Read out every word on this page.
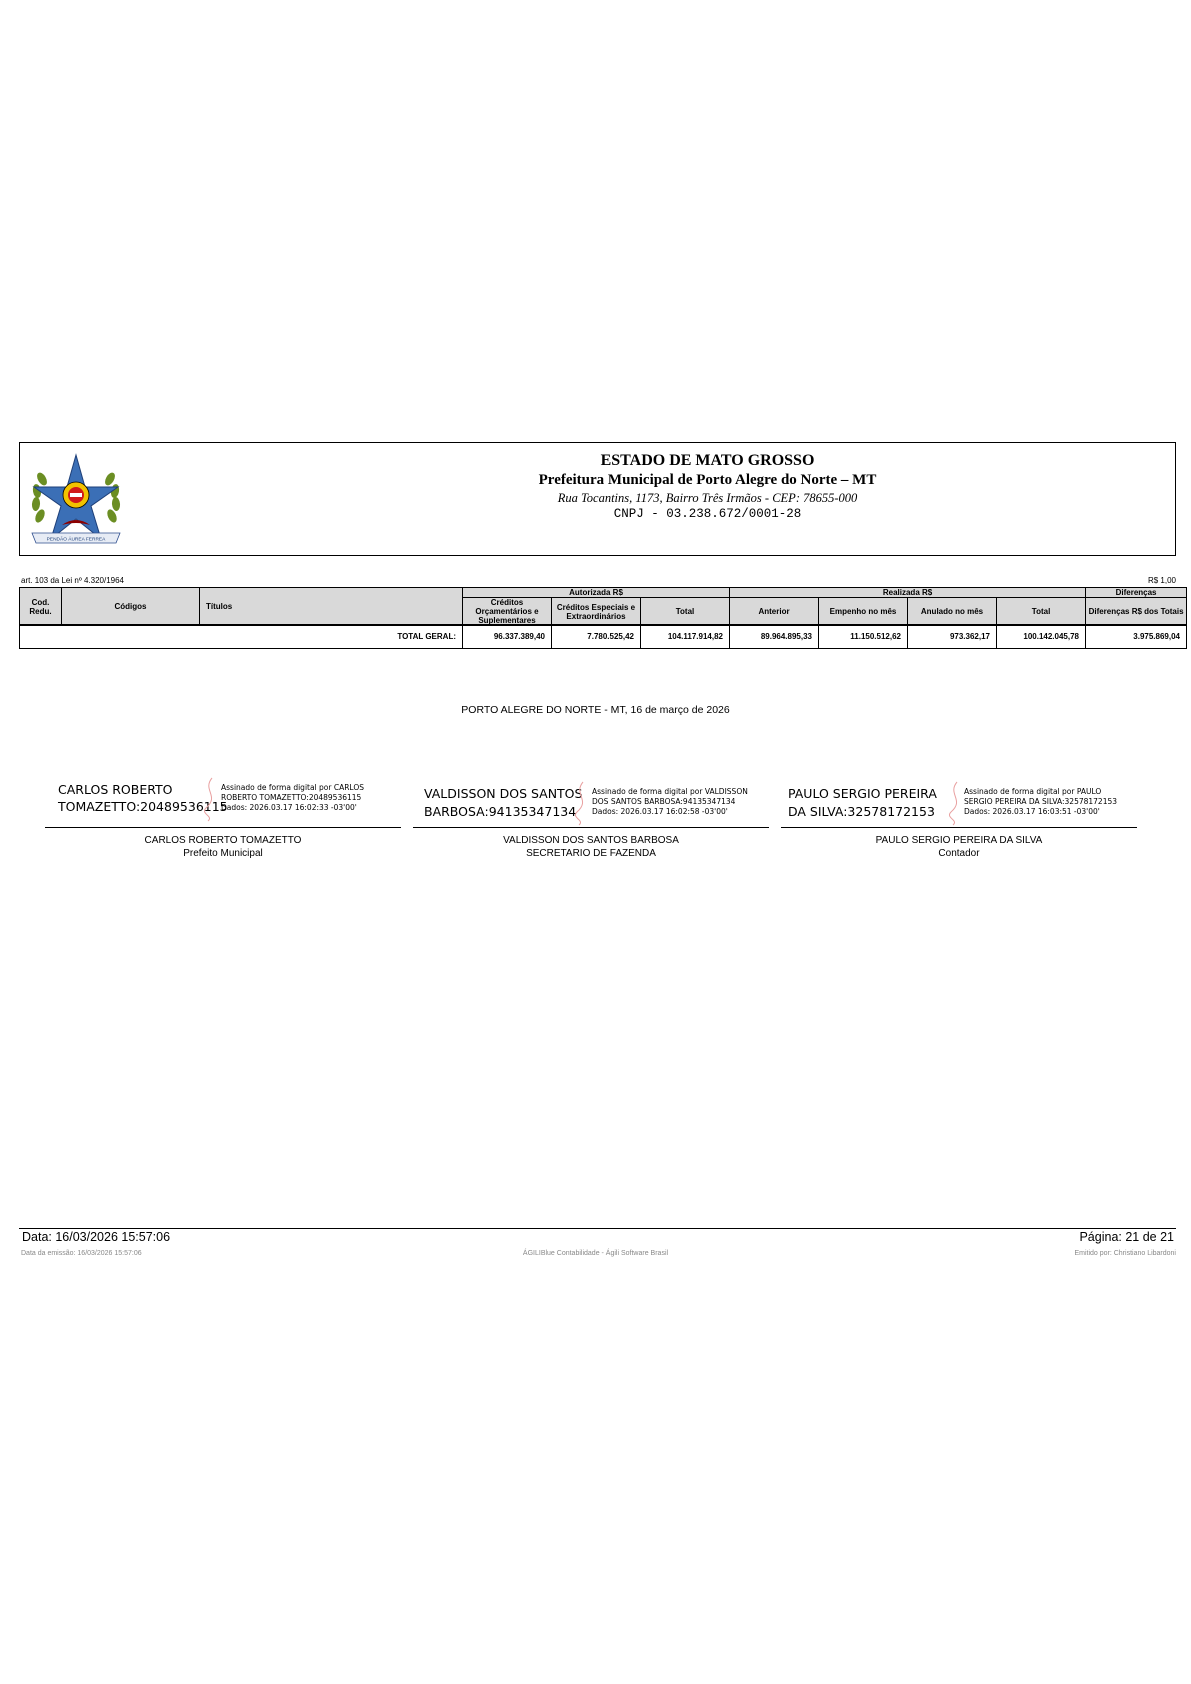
PENDÃO ÁUREA FERREA
ESTADO DE MATO GROSSO
Prefeitura Municipal de Porto Alegre do Norte – MT
Rua Tocantins, 1173, Bairro Três Irmãos - CEP: 78655-000
CNPJ - 03.238.672/0001-28
art. 103 da Lei nº 4.320/1964	R$ 1,00
Cod. Redu.	Códigos	Títulos	Autorizada R$			Realizada R$				Diferenças
			Créditos Orçamentários e Suplementares	Créditos Especiais e Extraordinários	Total	Anterior	Empenho no mês	Anulado no mês	Total	Diferenças R$ dos Totais
TOTAL GERAL:	96.337.389,40	7.780.525,42	104.117.914,82	89.964.895,33	11.150.512,62	973.362,17	100.142.045,78	3.975.869,04
PORTO ALEGRE DO NORTE - MT, 16 de março de 2026
CARLOS ROBERTO
TOMAZETTO:20489536115
Assinado de forma digital por CARLOS
ROBERTO TOMAZETTO:20489536115
Dados: 2026.03.17 16:02:33 -03'00'
CARLOS ROBERTO TOMAZETTO
Prefeito Municipal
VALDISSON DOS SANTOS
BARBOSA:94135347134
Assinado de forma digital por VALDISSON
DOS SANTOS BARBOSA:94135347134
Dados: 2026.03.17 16:02:58 -03'00'
VALDISSON DOS SANTOS BARBOSA
SECRETARIO DE FAZENDA
PAULO SERGIO PEREIRA
DA SILVA:32578172153
Assinado de forma digital por PAULO
SERGIO PEREIRA DA SILVA:32578172153
Dados: 2026.03.17 16:03:51 -03'00'
PAULO SERGIO PEREIRA DA SILVA
Contador
Data: 16/03/2026 15:57:06	Página: 21 de 21
Data da emissão: 16/03/2026 15:57:06	ÁGILIBlue Contabilidade - Ágili Software Brasil	Emitido por: Christiano Libardoni
